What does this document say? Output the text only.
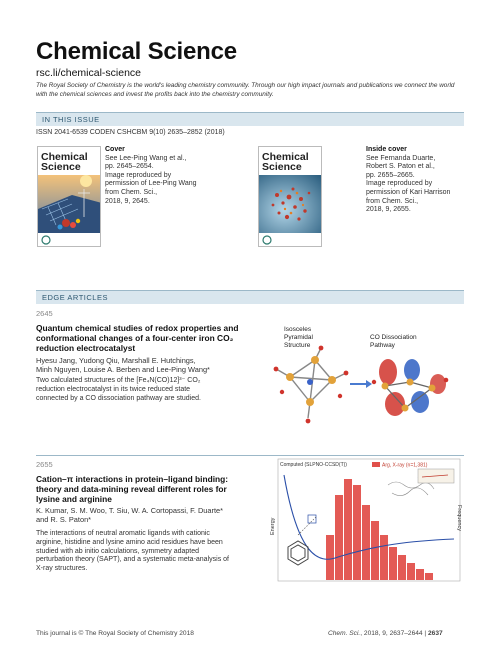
Chemical Science
rsc.li/chemical-science
The Royal Society of Chemistry is the world's leading chemistry community. Through our high impact journals and publications we connect the world with the chemical sciences and invest the profits back into the chemistry community.
IN THIS ISSUE
ISSN 2041-6539 CODEN CSHCBM 9(10) 2635–2852 (2018)
Chemical
Science
Cover
See Lee-Ping Wang et al.,
pp. 2645–2654.
Image reproduced by
permission of Lee-Ping Wang
from Chem. Sci.,
2018, 9, 2645.
Chemical
Science
Inside cover
See Fernanda Duarte,
Robert S. Paton et al.,
pp. 2655–2665.
Image reproduced by
permission of Kari Harrison
from Chem. Sci.,
2018, 9, 2655.
EDGE ARTICLES
2645
Quantum chemical studies of redox properties and
conformational changes of a four-center iron CO₂
reduction electrocatalyst
Hyesu Jang, Yudong Qiu, Marshall E. Hutchings,
Minh Nguyen, Louise A. Berben and Lee-Ping Wang*
Two calculated structures of the [Fe₄N(CO)12]³⁻ CO₂
reduction electrocatalyst in its twice reduced state
connected by a CO dissociation pathway are studied.
Isosceles
Pyramidal
Structure
CO Dissociation
Pathway
2655
Cation–π interactions in protein–ligand binding:
theory and data-mining reveal different roles for
lysine and arginine
K. Kumar, S. M. Woo, T. Siu, W. A. Cortopassi, F. Duarte*
and R. S. Paton*
The interactions of neutral aromatic ligands with cationic
arginine, histidine and lysine amino acid residues have been
studied with ab initio calculations, symmetry adapted
perturbation theory (SAPT), and a systematic meta-analysis of
X-ray structures.
Computed (SLPNO-CCSD(T))	Arg, X-ray (n=1,381)
Energy	Frequency
This journal is © The Royal Society of Chemistry 2018	Chem. Sci., 2018, 9, 2637–2644 | 2637
